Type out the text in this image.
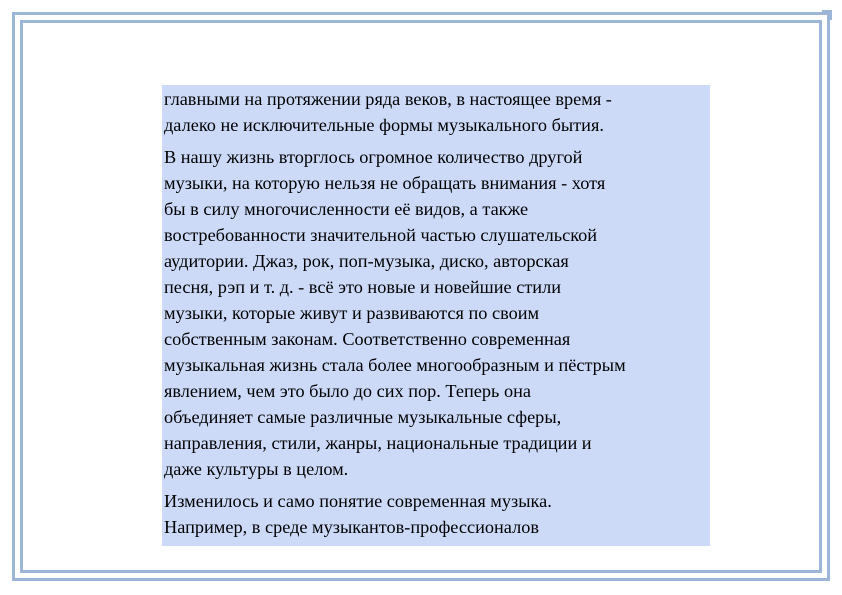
главными на протяжении ряда веков, в настоящее время -
далеко не исключительные формы музыкального бытия.
В нашу жизнь вторглось огромное количество другой
музыки, на которую нельзя не обращать внимания - хотя
бы в силу многочисленности её видов, а также
востребованности значительной частью слушательской
аудитории. Джаз, рок, поп-музыка, диско, авторская
песня, рэп и т. д. - всё это новые и новейшие стили
музыки, которые живут и развиваются по своим
собственным законам. Соответственно современная
музыкальная жизнь стала более многообразным и пёстрым
явлением, чем это было до сих пор. Теперь она
объединяет самые различные музыкальные сферы,
направления, стили, жанры, национальные традиции и
даже культуры в целом.
Изменилось и само понятие современная музыка.
Например, в среде музыкантов-профессионалов
